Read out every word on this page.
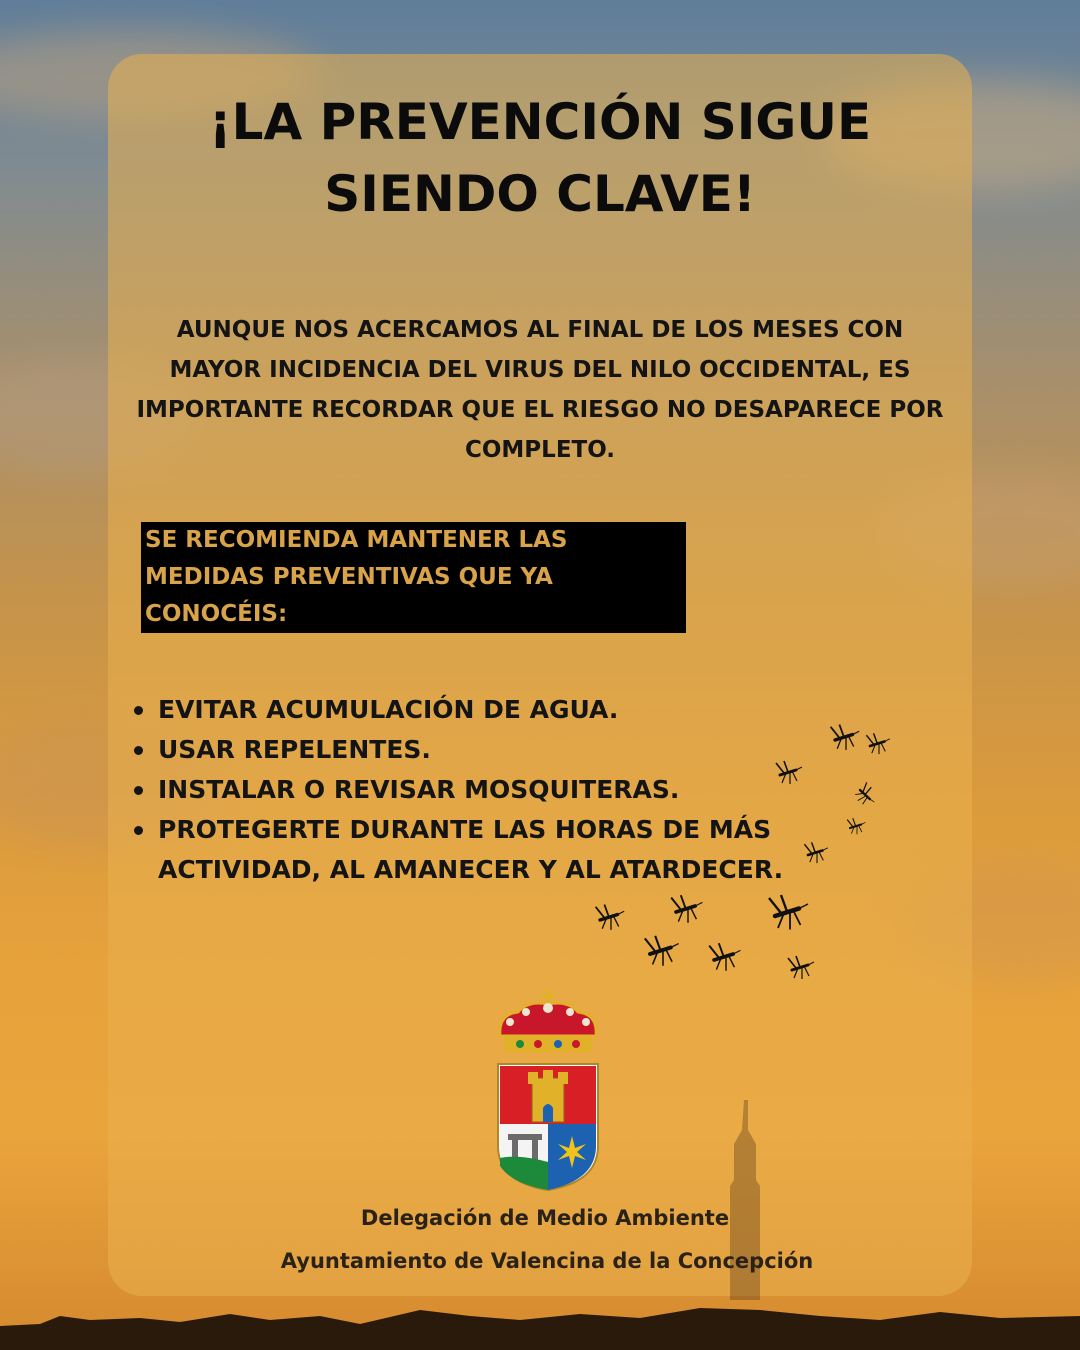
¡LA PREVENCIÓN SIGUE
SIENDO CLAVE!

AUNQUE NOS ACERCAMOS AL FINAL DE LOS MESES CON MAYOR INCIDENCIA DEL VIRUS DEL NILO OCCIDENTAL, ES IMPORTANTE RECORDAR QUE EL RIESGO NO DESAPARECE POR COMPLETO.

SE RECOMIENDA MANTENER LAS MEDIDAS PREVENTIVAS QUE YA CONOCÉIS:
EVITAR ACUMULACIÓN DE AGUA.
USAR REPELENTES.
INSTALAR O REVISAR MOSQUITERAS.
PROTEGERTE DURANTE LAS HORAS DE MÁS ACTIVIDAD, AL AMANECER Y AL ATARDECER.
Delegación de Medio Ambiente
Ayuntamiento de Valencina de la Concepción
